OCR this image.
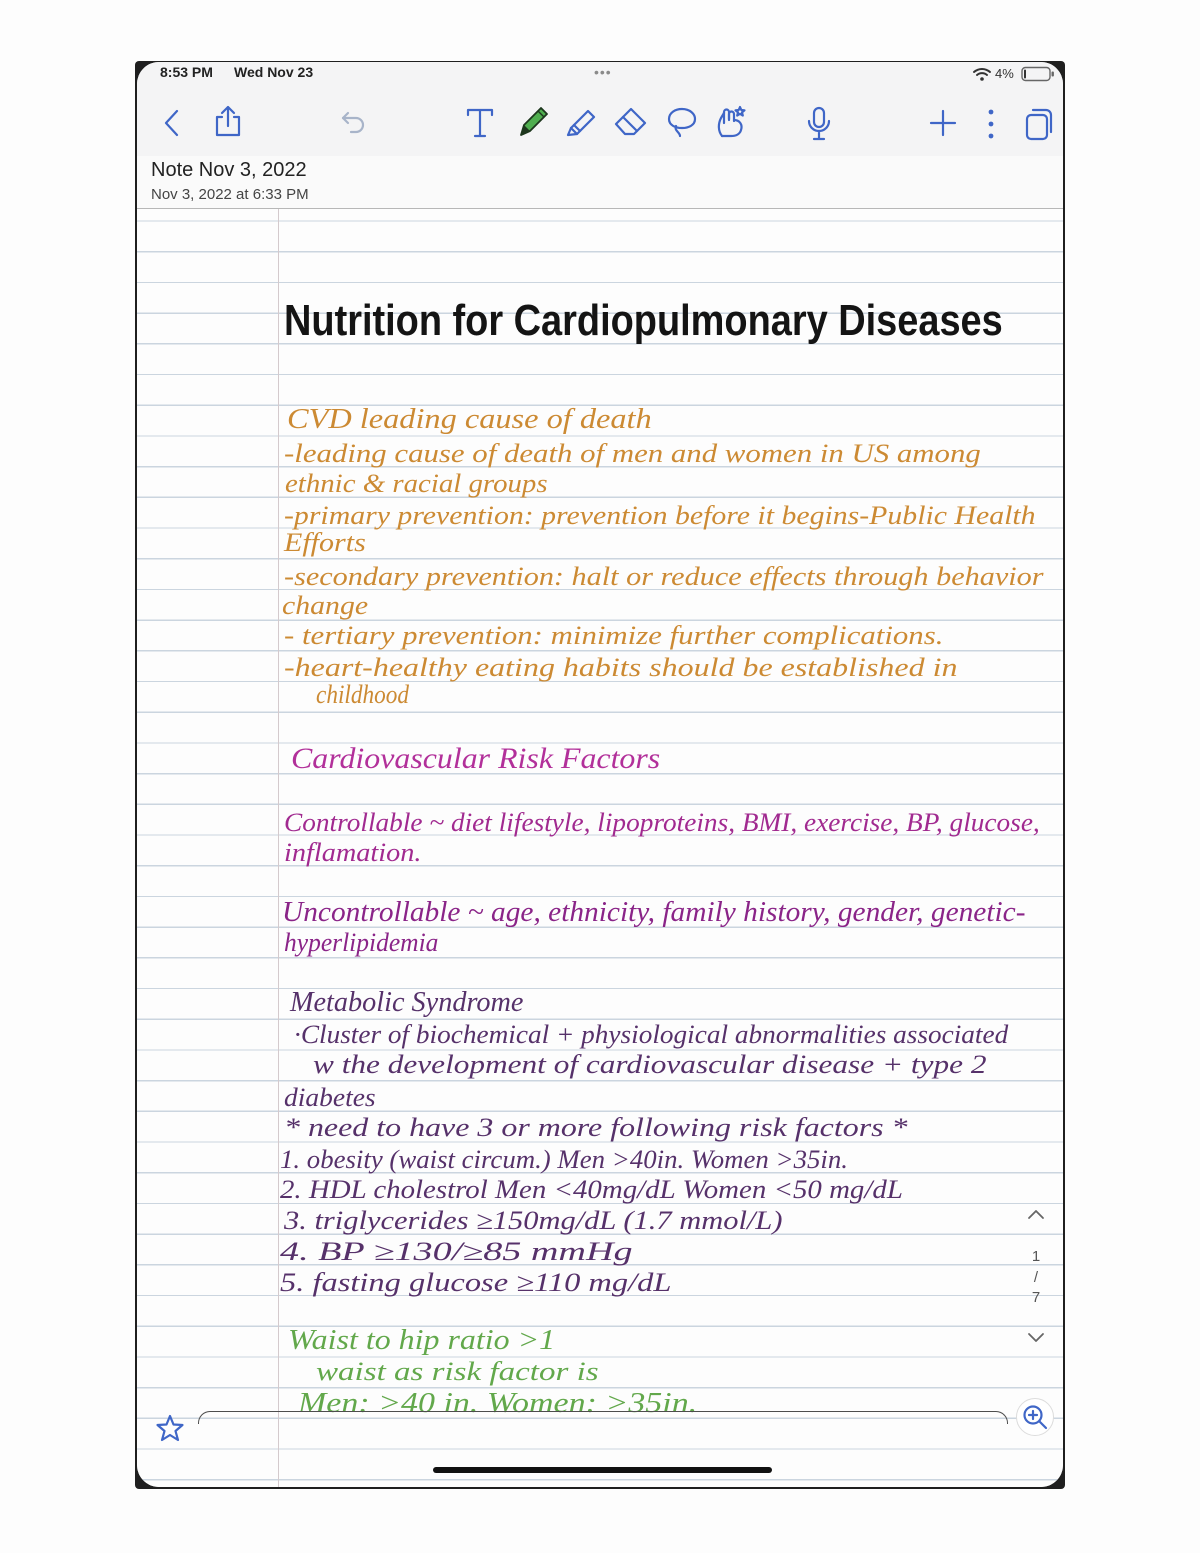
8:53 PM Wed Nov 23	•••	4%
Note Nov 3, 2022
Nov 3, 2022 at 6:33 PM
Nutrition for Cardiopulmonary Diseases
CVD leading cause of death
-leading cause of death of men and women in US among
ethnic & racial groups
-primary prevention: prevention before it begins-Public Health
Efforts
-secondary prevention: halt or reduce effects through behavior
change
- tertiary prevention: minimize further complications.
-heart-healthy eating habits should be established in
childhood
Cardiovascular Risk Factors
Controllable ~ diet lifestyle, lipoproteins, BMI, exercise, BP, glucose,
inflamation.
Uncontrollable ~ age, ethnicity, family history, gender, genetic-
hyperlipidemia
Metabolic Syndrome
·Cluster of biochemical + physiological abnormalities associated
w the development of cardiovascular disease + type 2
diabetes
* need to have 3 or more following risk factors *
1. obesity (waist circum.) Men >40in. Women >35in.
2. HDL cholestrol Men <40mg/dL Women <50 mg/dL
3. triglycerides ≥150mg/dL (1.7 mmol/L)
4. BP ≥130/≥85 mmHg
5. fasting glucose ≥110 mg/dL
Waist to hip ratio >1
waist as risk factor is
Men: >40 in. Women: >35in.
1
/
7
